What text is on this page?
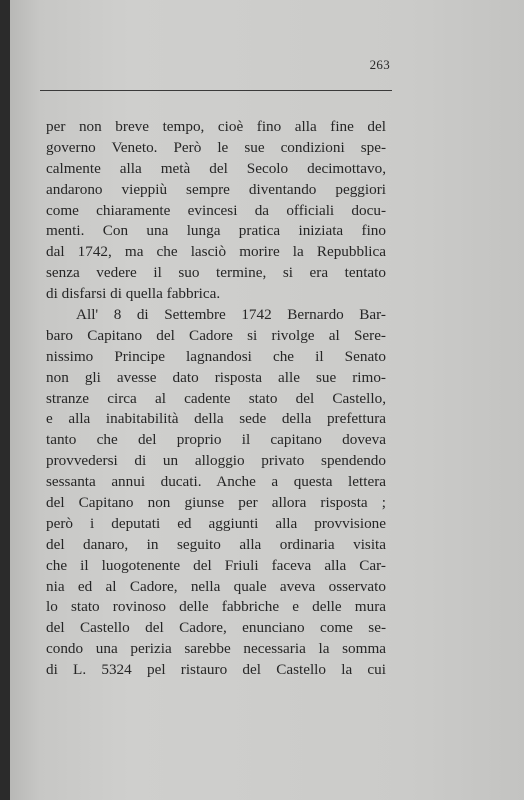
263
per non breve tempo, cioè fino alla fine del
governo Veneto. Però le sue condizioni spe-
calmente alla metà del Secolo decimottavo,
andarono vieppiù sempre diventando peggiori
come chiaramente evincesi da officiali docu-
menti. Con una lunga pratica iniziata fino
dal 1742, ma che lasciò morire la Repubblica
senza vedere il suo termine, si era tentato
di disfarsi di quella fabbrica.
All' 8 di Settembre 1742 Bernardo Bar-
baro Capitano del Cadore si rivolge al Sere-
nissimo Principe lagnandosi che il Senato
non gli avesse dato risposta alle sue rimo-
stranze circa al cadente stato del Castello,
e alla inabitabilità della sede della prefettura
tanto che del proprio il capitano doveva
provvedersi di un alloggio privato spendendo
sessanta annui ducati. Anche a questa lettera
del Capitano non giunse per allora risposta ;
però i deputati ed aggiunti alla provvisione
del danaro, in seguito alla ordinaria visita
che il luogotenente del Friuli faceva alla Car-
nia ed al Cadore, nella quale aveva osservato
lo stato rovinoso delle fabbriche e delle mura
del Castello del Cadore, enunciano come se-
condo una perizia sarebbe necessaria la somma
di L. 5324 pel ristauro del Castello la cui
